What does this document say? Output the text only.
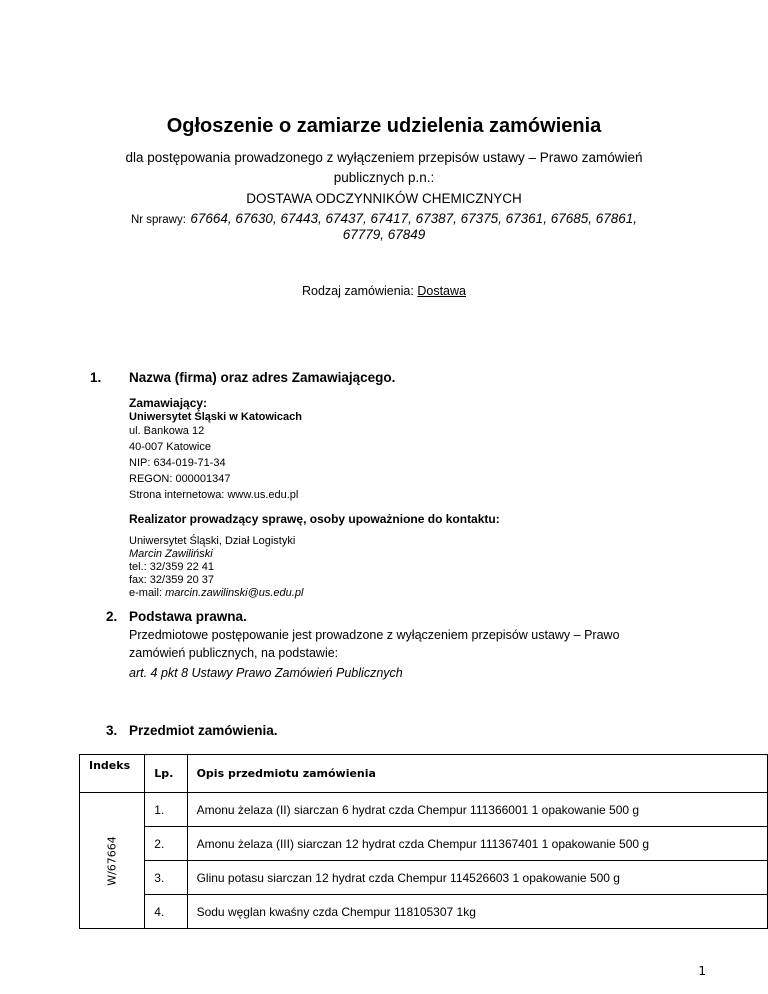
Ogłoszenie o zamiarze udzielenia zamówienia
dla postępowania prowadzonego z wyłączeniem przepisów ustawy – Prawo zamówień
publicznych p.n.:
DOSTAWA ODCZYNNIKÓW CHEMICZNYCH
Nr sprawy: 67664, 67630, 67443, 67437, 67417, 67387, 67375, 67361, 67685, 67861,
67779, 67849
Rodzaj zamówienia: Dostawa
1. Nazwa (firma) oraz adres Zamawiającego.
Zamawiający:
Uniwersytet Śląski w Katowicach
ul. Bankowa 12
40-007 Katowice
NIP: 634-019-71-34
REGON: 000001347
Strona internetowa: www.us.edu.pl
Realizator prowadzący sprawę, osoby upoważnione do kontaktu:
Uniwersytet Śląski, Dział Logistyki
Marcin Zawiliński
tel.: 32/359 22 41
fax: 32/359 20 37
e-mail: marcin.zawilinski@us.edu.pl
2. Podstawa prawna.
Przedmiotowe postępowanie jest prowadzone z wyłączeniem przepisów ustawy – Prawo
zamówień publicznych, na podstawie:
art. 4 pkt 8 Ustawy Prawo Zamówień Publicznych
3. Przedmiot zamówienia.
Indeks	Lp.	Opis przedmiotu zamówienia

W/67664	1.	Amonu żelaza (II) siarczan 6 hydrat czda Chempur 111366001 1 opakowanie 500 g
	2.	Amonu żelaza (III) siarczan 12 hydrat czda Chempur 111367401 1 opakowanie 500 g
	3.	Glinu potasu siarczan 12 hydrat czda Chempur 114526603 1 opakowanie 500 g
	4.	Sodu węglan kwaśny czda Chempur 118105307 1kg
1
